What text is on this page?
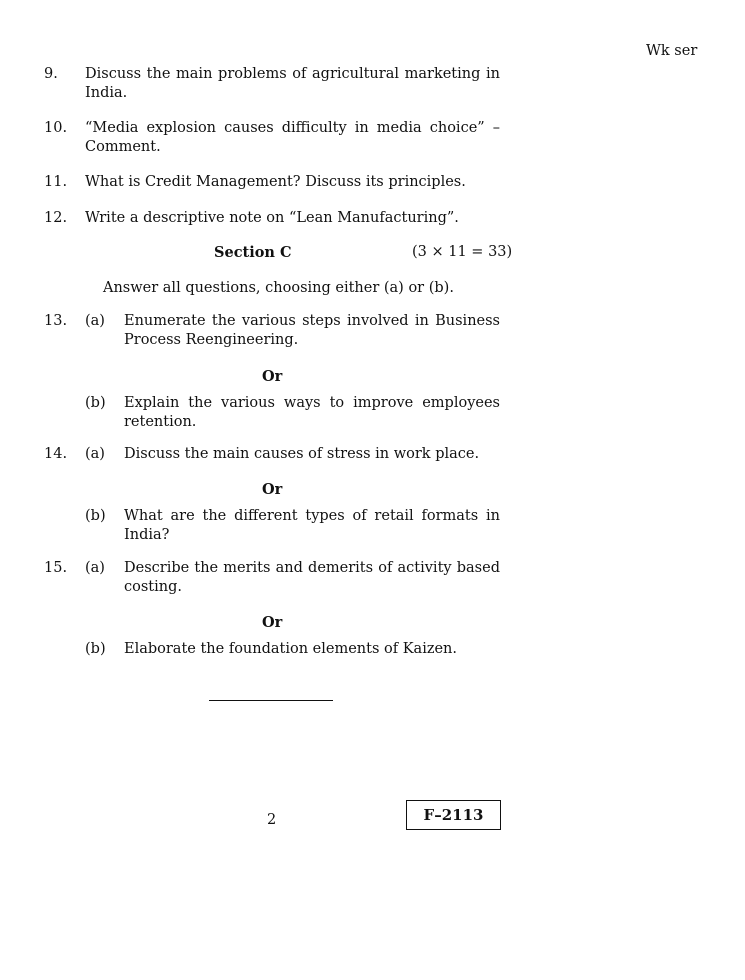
Wk ser
9. Discuss the main problems of agricultural marketing in India.
10. “Media explosion causes difficulty in media choice” – Comment.
11. What is Credit Management? Discuss its principles.
12. Write a descriptive note on “Lean Manufacturing”.
Section C	(3 × 11 = 33)
Answer all questions, choosing either (a) or (b).
13. (a) Enumerate the various steps involved in Business Process Reengineering.
Or
(b) Explain the various ways to improve employees retention.
14. (a) Discuss the main causes of stress in work place.
Or
(b) What are the different types of retail formats in India?
15. (a) Describe the merits and demerits of activity based costing.
Or
(b) Elaborate the foundation elements of Kaizen.
2	F–2113
